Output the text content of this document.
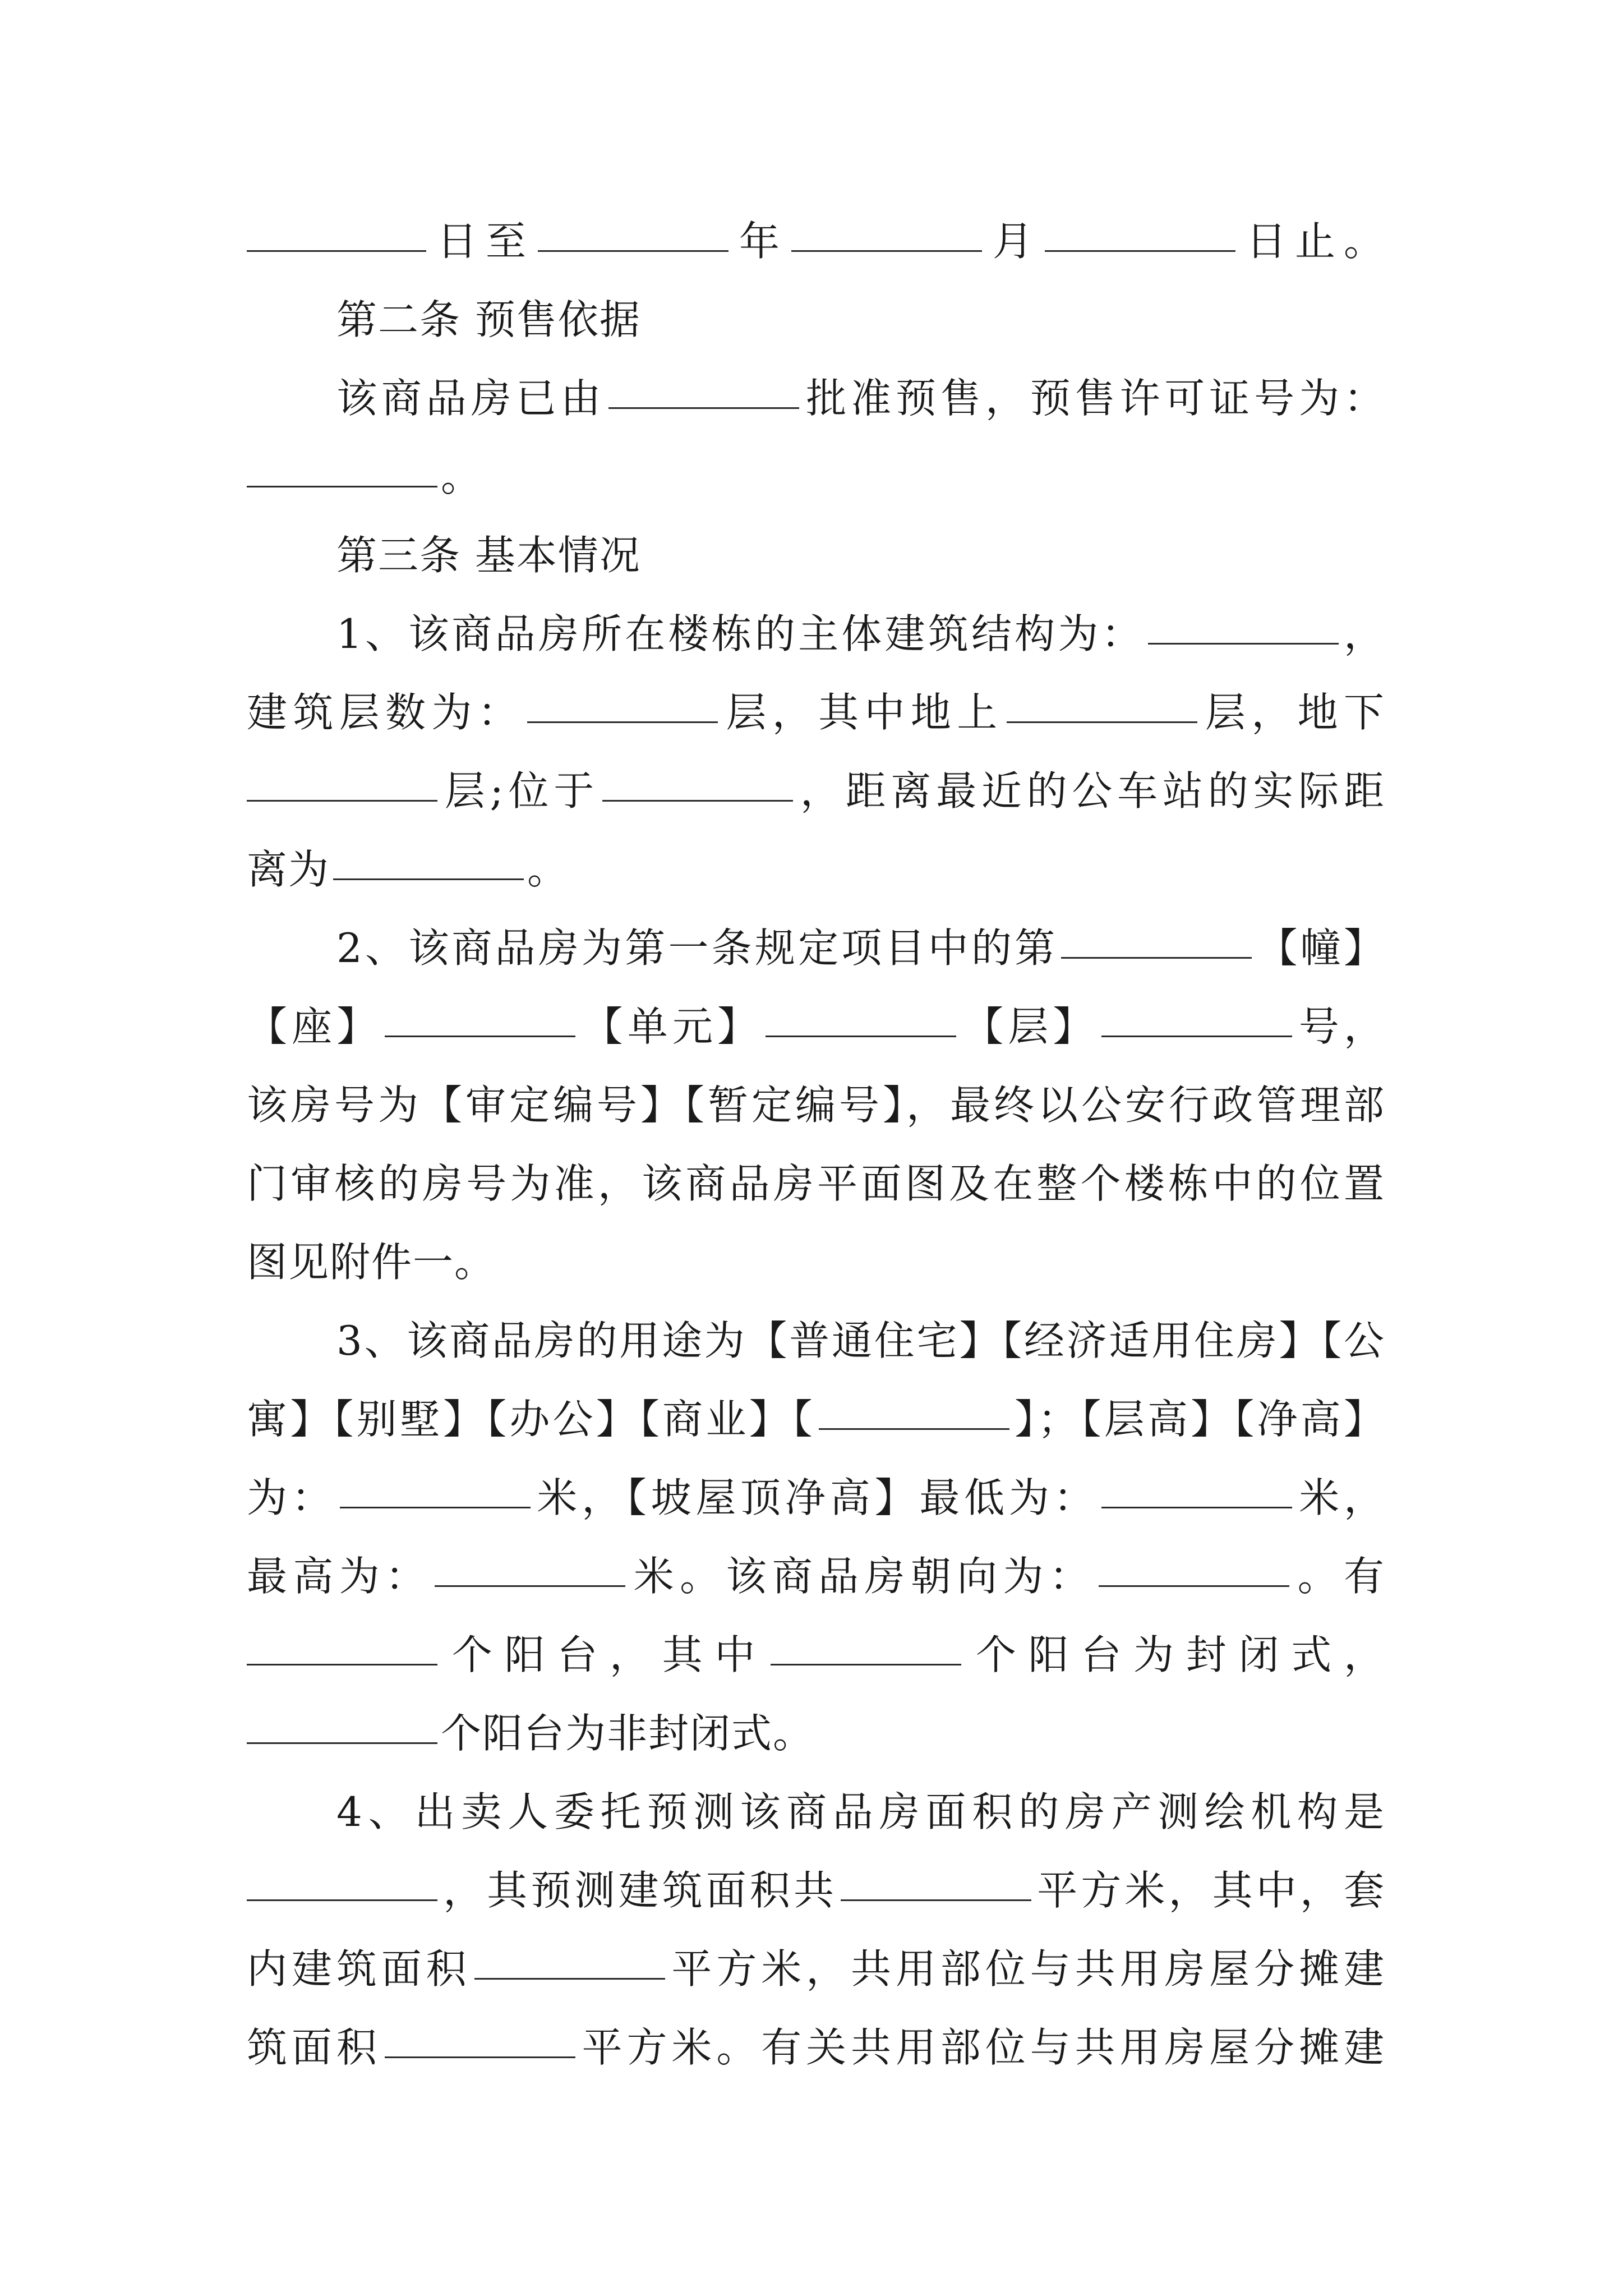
日至	年	月	日止。
第二条 预售依据
该商品房已由	批准预售，预售许可证号为：
。
第三条 基本情况
1、该商品房所在楼栋的主体建筑结构为：	，
建筑层数为：	层，其中地上	层，地下
层;位于	，距离最近的公车站的实际距
离为	。
2、该商品房为第一条规定项目中的第	【幢】
【座】	【单元】	【层】	号，
该房号为【审定编号】【暂定编号】，最终以公安行政管理部
门审核的房号为准，该商品房平面图及在整个楼栋中的位置
图见附件一。
3、该商品房的用途为【普通住宅】【经济适用住房】【公
寓】【别墅】【办公】【商业】【	】；【层高】【净高】
为：	米，【坡屋顶净高】最低为：	米，
最高为：	米。该商品房朝向为：	。有
个阳台，其中	个阳台为封闭式，
个阳台为非封闭式。
4、出卖人委托预测该商品房面积的房产测绘机构是
，其预测建筑面积共	平方米，其中，套
内建筑面积	平方米，共用部位与共用房屋分摊建
筑面积	平方米。有关共用部位与共用房屋分摊建
